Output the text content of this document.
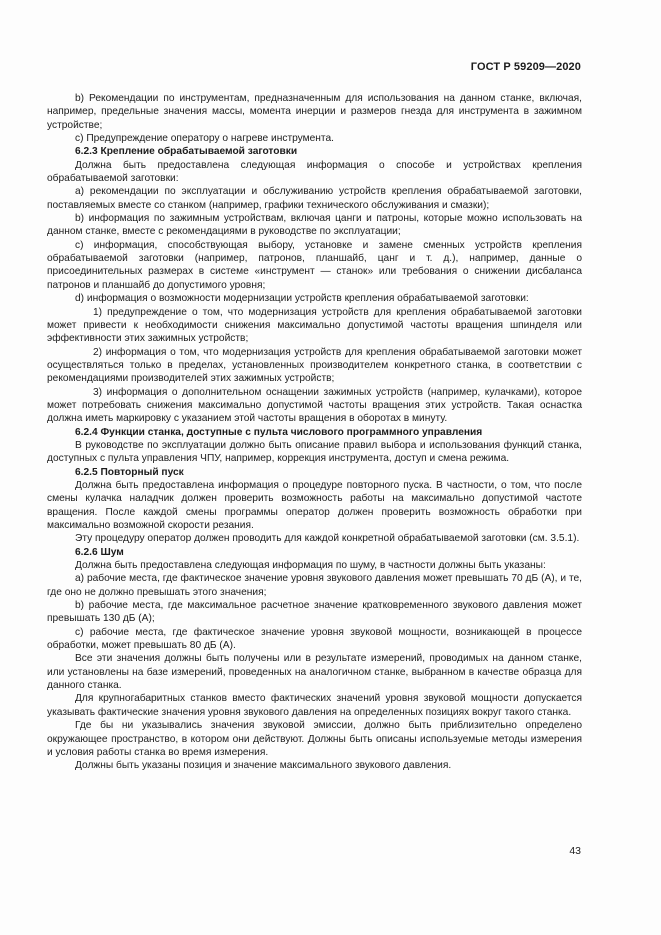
ГОСТ Р 59209—2020

b) Рекомендации по инструментам, предназначенным для использования на данном станке, включая, например, предельные значения массы, момента инерции и размеров гнезда для инструмента в зажимном устройстве;

c) Предупреждение оператору о нагреве инструмента.

6.2.3 Крепление обрабатываемой заготовки

Должна быть предоставлена следующая информация о способе и устройствах крепления обрабатываемой заготовки:

a) рекомендации по эксплуатации и обслуживанию устройств крепления обрабатываемой заготовки, поставляемых вместе со станком (например, графики технического обслуживания и смазки);

b) информация по зажимным устройствам, включая цанги и патроны, которые можно использовать на данном станке, вместе с рекомендациями в руководстве по эксплуатации;

c) информация, способствующая выбору, установке и замене сменных устройств крепления обрабатываемой заготовки (например, патронов, планшайб, цанг и т. д.), например, данные о присоединительных размерах в системе «инструмент — станок» или требования о снижении дисбаланса патронов и планшайб до допустимого уровня;

d) информация о возможности модернизации устройств крепления обрабатываемой заготовки:

1) предупреждение о том, что модернизация устройств для крепления обрабатываемой заготовки может привести к необходимости снижения максимально допустимой частоты вращения шпинделя или эффективности этих зажимных устройств;

2) информация о том, что модернизация устройств для крепления обрабатываемой заготовки может осуществляться только в пределах, установленных производителем конкретного станка, в соответствии с рекомендациями производителей этих зажимных устройств;

3) информация о дополнительном оснащении зажимных устройств (например, кулачками), которое может потребовать снижения максимально допустимой частоты вращения этих устройств. Такая оснастка должна иметь маркировку с указанием этой частоты вращения в оборотах в минуту.

6.2.4 Функции станка, доступные с пульта числового программного управления

В руководстве по эксплуатации должно быть описание правил выбора и использования функций станка, доступных с пульта управления ЧПУ, например, коррекция инструмента, доступ и смена режима.

6.2.5 Повторный пуск

Должна быть предоставлена информация о процедуре повторного пуска. В частности, о том, что после смены кулачка наладчик должен проверить возможность работы на максимально допустимой частоте вращения. После каждой смены программы оператор должен проверить возможность обработки при максимально возможной скорости резания.

Эту процедуру оператор должен проводить для каждой конкретной обрабатываемой заготовки (см. 3.5.1).

6.2.6 Шум

Должна быть предоставлена следующая информация по шуму, в частности должны быть указаны:

a) рабочие места, где фактическое значение уровня звукового давления может превышать 70 дБ (А), и те, где оно не должно превышать этого значения;

b) рабочие места, где максимальное расчетное значение кратковременного звукового давления может превышать 130 дБ (А);

c) рабочие места, где фактическое значение уровня звуковой мощности, возникающей в процессе обработки, может превышать 80 дБ (А).

Все эти значения должны быть получены или в результате измерений, проводимых на данном станке, или установлены на базе измерений, проведенных на аналогичном станке, выбранном в качестве образца для данного станка.

Для крупногабаритных станков вместо фактических значений уровня звуковой мощности допускается указывать фактические значения уровня звукового давления на определенных позициях вокруг такого станка.

Где бы ни указывались значения звуковой эмиссии, должно быть приблизительно определено окружающее пространство, в котором они действуют. Должны быть описаны используемые методы измерения и условия работы станка во время измерения.

Должны быть указаны позиция и значение максимального звукового давления.

43
